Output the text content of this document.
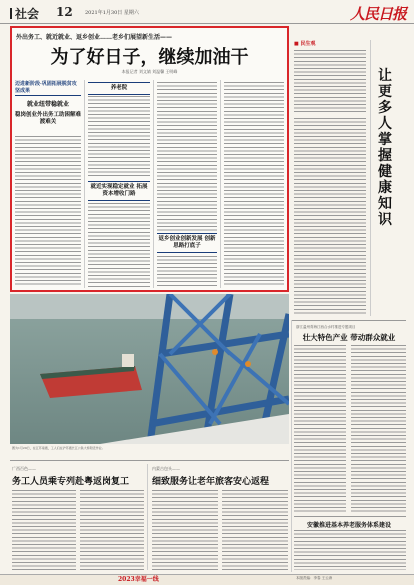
社会 12 2021年1月30日 星期六	人民日报
外出务工、就近就业、返乡创业……老乡们展望新生活——
为了好日子，继续加油干
本报记者 刘文婧 刘温馨 王明峰
迈进新阶段·巩固拓展脱贫攻坚成果
就业纽带稳就业
稳岗创业外出务工助困解难渡难关
养老院
就近实现稳定就业 拓展资本增收门路
返乡创业创新发展 创新思路打底子
■ 民生观
让更多人掌握健康知识
浙江温州青海江西合水村推进专题项目
壮大特色产业 带动群众就业
安徽推进基本养老服务体系建设
图为1月29日，在江苏南通，工人们在沪苏通长江公铁大桥附近作业。
广西百色——
务工人员乘专列赴粤返岗复工
内蒙古包头——
细致服务让老年旅客安心返程
2023幸福一线	本版责编：李春 王云涛
